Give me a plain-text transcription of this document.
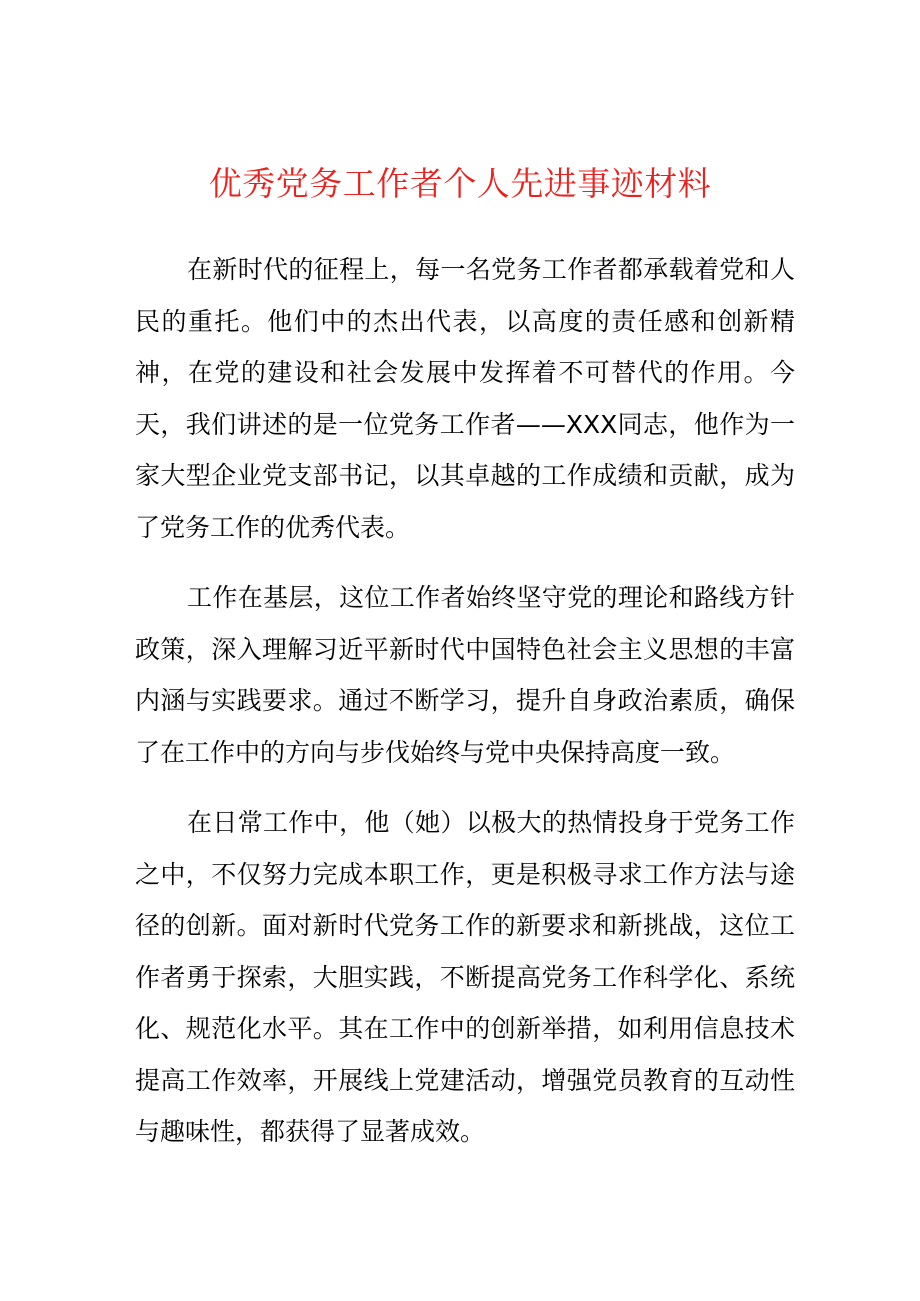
优秀党务工作者个人先进事迹材料

在新时代的征程上，每一名党务工作者都承载着党和人民的重托。他们中的杰出代表，以高度的责任感和创新精神，在党的建设和社会发展中发挥着不可替代的作用。今天，我们讲述的是一位党务工作者——XXX同志，他作为一家大型企业党支部书记，以其卓越的工作成绩和贡献，成为了党务工作的优秀代表。

工作在基层，这位工作者始终坚守党的理论和路线方针政策，深入理解习近平新时代中国特色社会主义思想的丰富内涵与实践要求。通过不断学习，提升自身政治素质，确保了在工作中的方向与步伐始终与党中央保持高度一致。

在日常工作中，他（她）以极大的热情投身于党务工作之中，不仅努力完成本职工作，更是积极寻求工作方法与途径的创新。面对新时代党务工作的新要求和新挑战，这位工作者勇于探索，大胆实践，不断提高党务工作科学化、系统化、规范化水平。其在工作中的创新举措，如利用信息技术提高工作效率，开展线上党建活动，增强党员教育的互动性与趣味性，都获得了显著成效。
